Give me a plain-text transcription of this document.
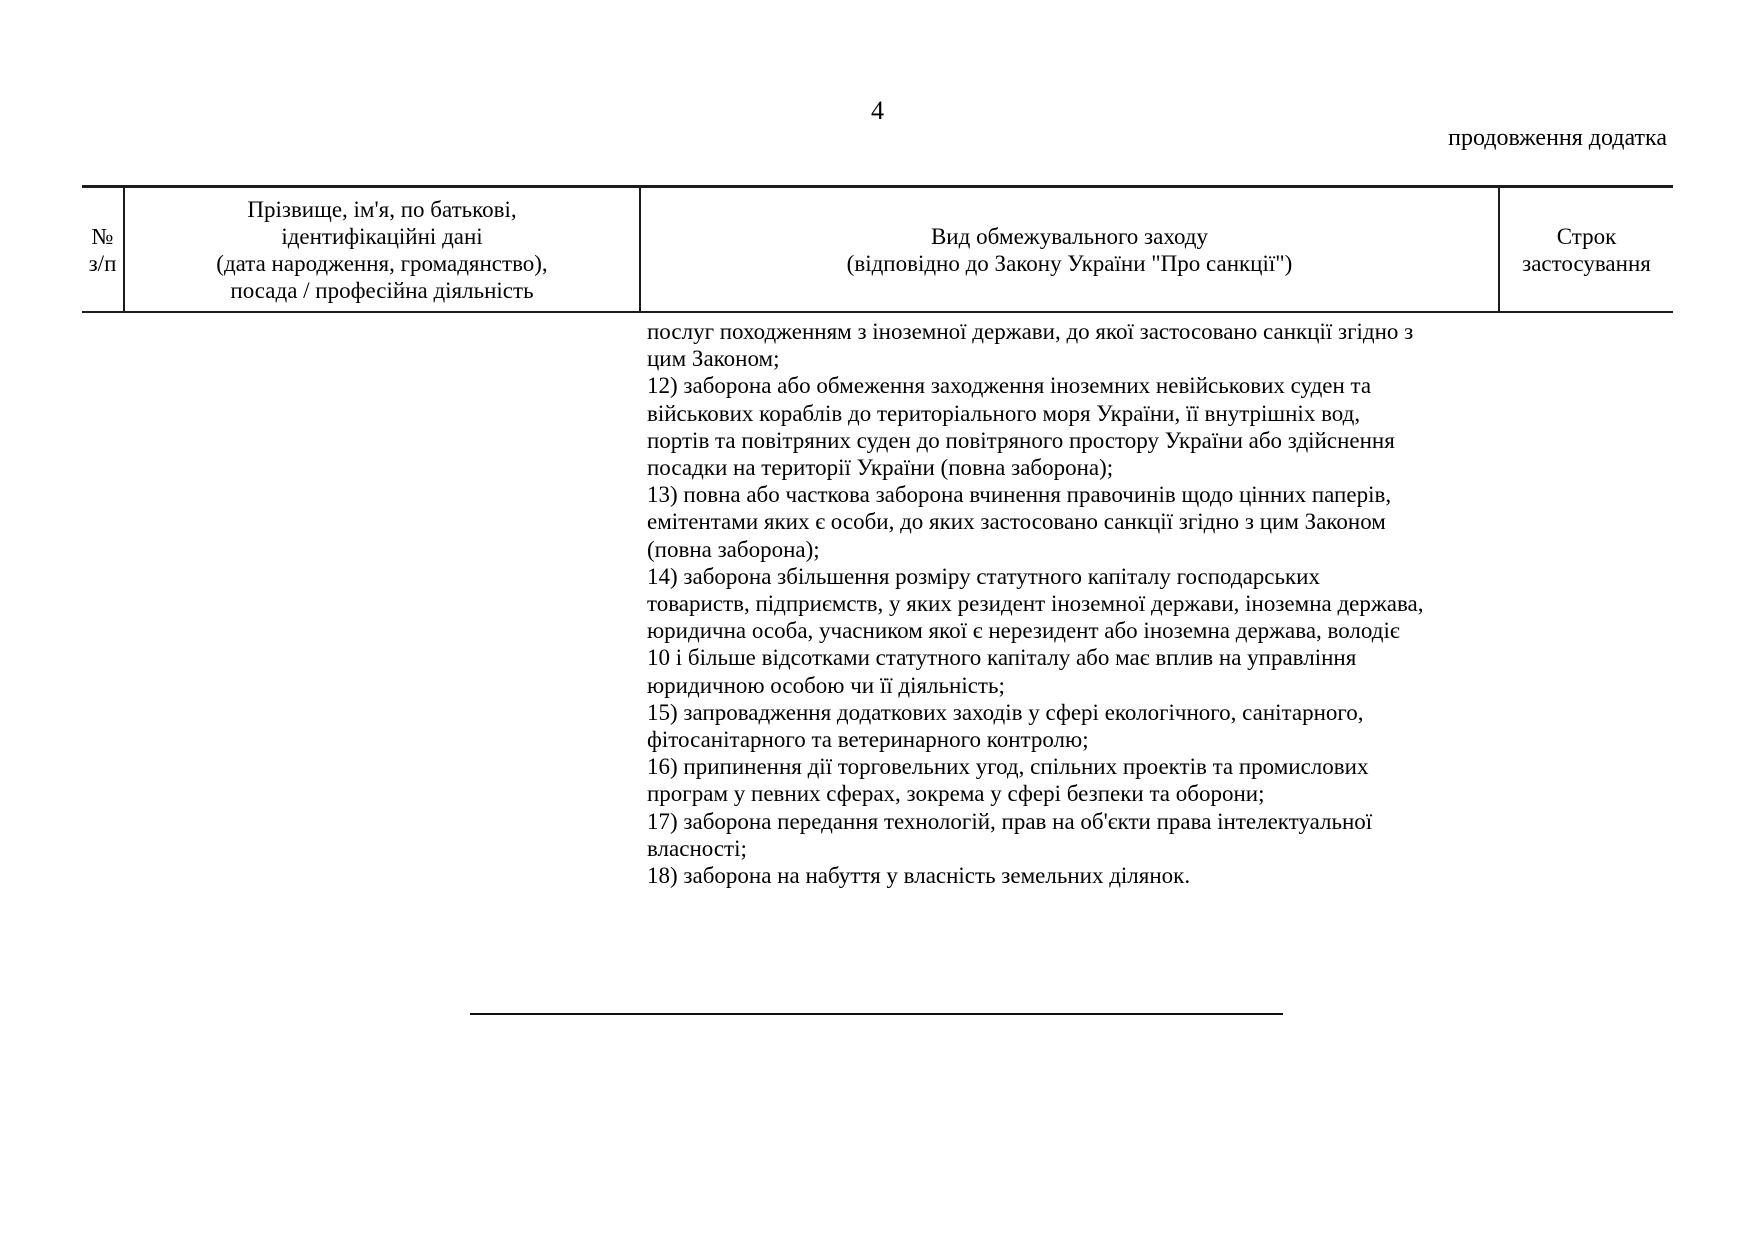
4
продовження додатка
№
з/п
Прізвище, ім'я, по батькові,
ідентифікаційні дані
(дата народження, громадянство),
посада / професійна діяльність
Вид обмежувального заходу
(відповідно до Закону України "Про санкції")
Строк
застосування
послуг походженням з іноземної держави, до якої застосовано санкції згідно з
цим Законом;
12) заборона або обмеження заходження іноземних невійськових суден та
військових кораблів до територіального моря України, її внутрішніх вод,
портів та повітряних суден до повітряного простору України або здійснення
посадки на території України (повна заборона);
13) повна або часткова заборона вчинення правочинів щодо цінних паперів,
емітентами яких є особи, до яких застосовано санкції згідно з цим Законом
(повна заборона);
14) заборона збільшення розміру статутного капіталу господарських
товариств, підприємств, у яких резидент іноземної держави, іноземна держава,
юридична особа, учасником якої є нерезидент або іноземна держава, володіє
10 і більше відсотками статутного капіталу або має вплив на управління
юридичною особою чи її діяльність;
15) запровадження додаткових заходів у сфері екологічного, санітарного,
фітосанітарного та ветеринарного контролю;
16) припинення дії торговельних угод, спільних проектів та промислових
програм у певних сферах, зокрема у сфері безпеки та оборони;
17) заборона передання технологій, прав на об'єкти права інтелектуальної
власності;
18) заборона на набуття у власність земельних ділянок.
